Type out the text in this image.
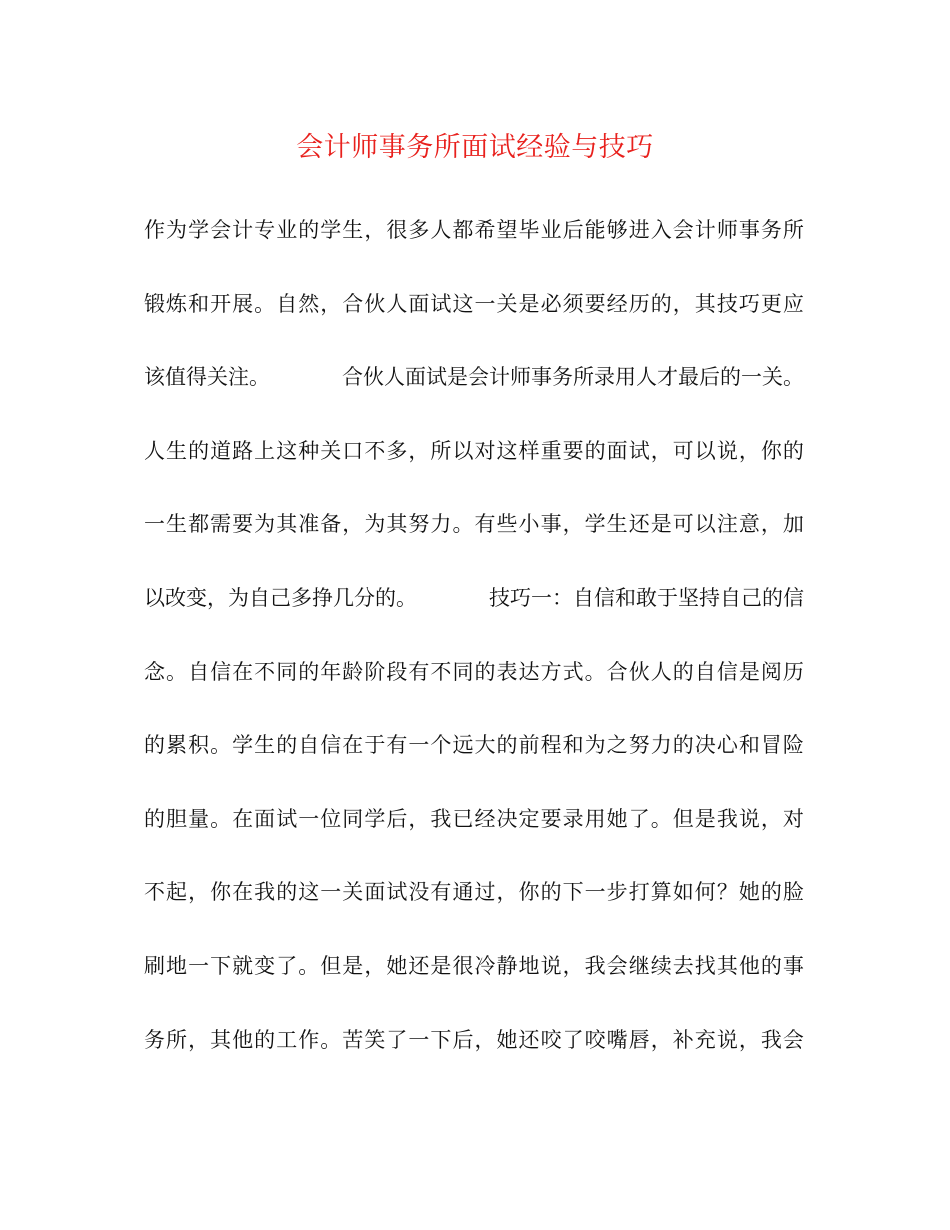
会计师事务所面试经验与技巧
作 为 学 会 计 专 业 的 学 生 ， 很 多 人 都 希 望 毕 业 后 能 够 进 入 会 计 师 事 务 所
锻 炼 和 开 展 。 自 然 ， 合 伙 人 面 试 这 一 关 是 必 须 要 经 历 的 ， 其 技 巧 更 应
该 值 得 关 注 。

	合 伙 人 面 试 是 会 计 师 事 务 所 录 用 人 才 最 后 的 一 关 。
人 生 的 道 路 上 这 种 关 口 不 多 ， 所 以 对 这 样 重 要 的 面 试 ， 可 以 说 ， 你 的
一 生 都 需 要 为 其 准 备 ， 为 其 努 力 。 有 些 小 事 ， 学 生 还 是 可 以 注 意 ， 加
以 改 变 ， 为 自 己 多 挣 几 分 的 。

	技 巧 一 ： 自 信 和 敢 于 坚 持 自 己 的 信
念 。 自 信 在 不 同 的 年 龄 阶 段 有 不 同 的 表 达 方 式 。 合 伙 人 的 自 信 是 阅 历
的 累 积 。 学 生 的 自 信 在 于 有 一 个 远 大 的 前 程 和 为 之 努 力 的 决 心 和 冒 险
的 胆 量 。 在 面 试 一 位 同 学 后 ， 我 已 经 决 定 要 录 用 她 了 。 但 是 我 说 ， 对
不 起 ， 你 在 我 的 这 一 关 面 试 没 有 通 过 ， 你 的 下 一 步 打 算 如 何 ？ 她 的 脸
刷 地 一 下 就 变 了 。 但 是 ， 她 还 是 很 冷 静 地 说 ， 我 会 继 续 去 找 其 他 的 事
务 所 ， 其 他 的 工 作 。 苦 笑 了 一 下 后 ， 她 还 咬 了 咬 嘴 唇 ， 补 充 说 ， 我 会
